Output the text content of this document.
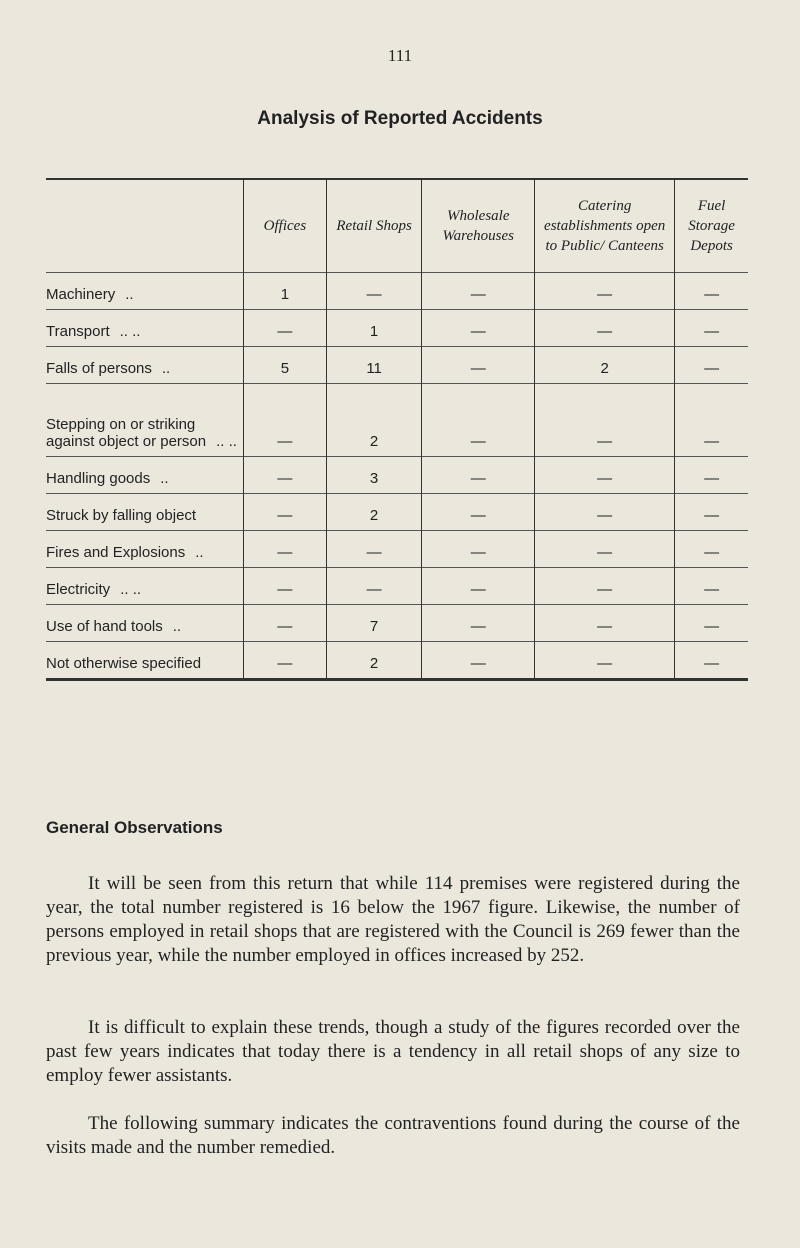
111
Analysis of Reported Accidents
	Offices	Retail Shops	Wholesale Warehouses	Catering establishments open to Public/ Canteens	Fuel Storage Depots
Machinery ..	1	—	—	—	—
Transport .. ..	—	1	—	—	—
Falls of persons ..	5	11	—	2	—
Stepping on or striking against object or person .. ..	—	2	—	—	—
Handling goods ..	—	3	—	—	—
Struck by falling object	—	2	—	—	—
Fires and Explosions ..	—	—	—	—	—
Electricity .. ..	—	—	—	—	—
Use of hand tools ..	—	7	—	—	—
Not otherwise specified	—	2	—	—	—
General Observations

It will be seen from this return that while 114 premises were registered during the year, the total number registered is 16 below the 1967 figure. Likewise, the number of persons employed in retail shops that are registered with the Council is 269 fewer than the previous year, while the number employed in offices increased by 252.

It is difficult to explain these trends, though a study of the figures recorded over the past few years indicates that today there is a tendency in all retail shops of any size to employ fewer assistants.

The following summary indicates the contraventions found during the course of the visits made and the number remedied.
